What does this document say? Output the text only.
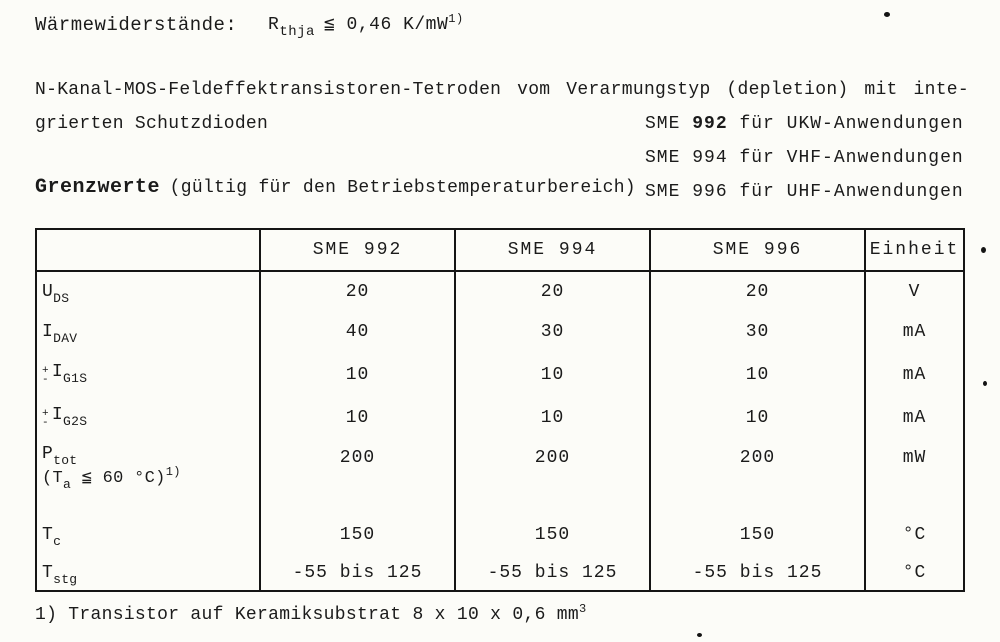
Wärmewiderstände: $R_{thja}$ ≦ 0,46 $K/mW^{1)}$
N-Kanal-MOS-Feldeffektransistoren-Tetroden vom Verarmungstyp (depletion) mit inte-
grierten Schutzdioden	SME 992 für UKW-Anwendungen
SME 994 für VHF-Anwendungen
SME 996 für UHF-Anwendungen
Grenzwerte (gültig für den Betriebstemperaturbereich)
	SME 992	SME 994	SME 996	Einheit
$U_{DS}$	20	20	20	V
$I_{DAV}$	40	30	30	mA

+
- $I_{G1S}$	10	10	10	mA

+
- $I_{G2S}$	10	10	10	mA

$P_{tot}$
($T_a$ ≦ 60 °C)$^{1)}$	200	200	200	mW
$T_c$	150	150	150	°C
$T_{stg}$	-55 bis 125	-55 bis 125	-55 bis 125	°C
1) Transistor auf Keramiksubstrat 8 x 10 x 0,6 $mm^3$
